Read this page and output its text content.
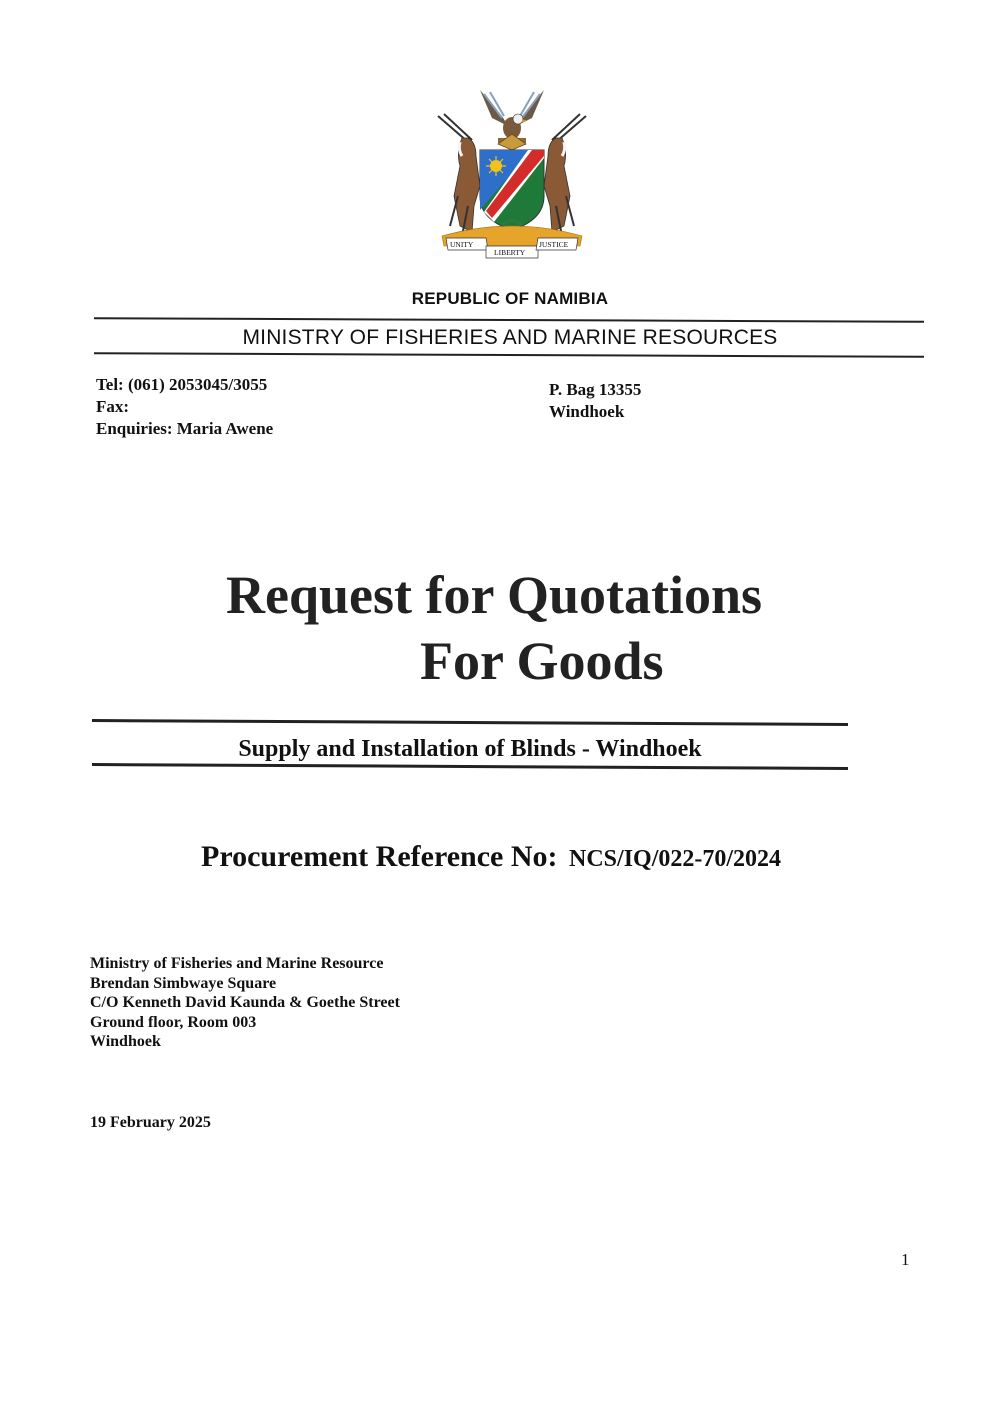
UNITY
LIBERTY
JUSTICE
REPUBLIC OF NAMIBIA
MINISTRY OF FISHERIES AND MARINE RESOURCES
Tel: (061) 2053045/3055
Fax:
Enquiries: Maria Awene
P. Bag 13355
Windhoek
Request for Quotations
For Goods
Supply and Installation of Blinds - Windhoek
Procurement Reference No: NCS/IQ/022-70/2024
Ministry of Fisheries and Marine Resource
Brendan Simbwaye Square
C/O Kenneth David Kaunda & Goethe Street
Ground floor, Room 003
Windhoek
19 February 2025
1
